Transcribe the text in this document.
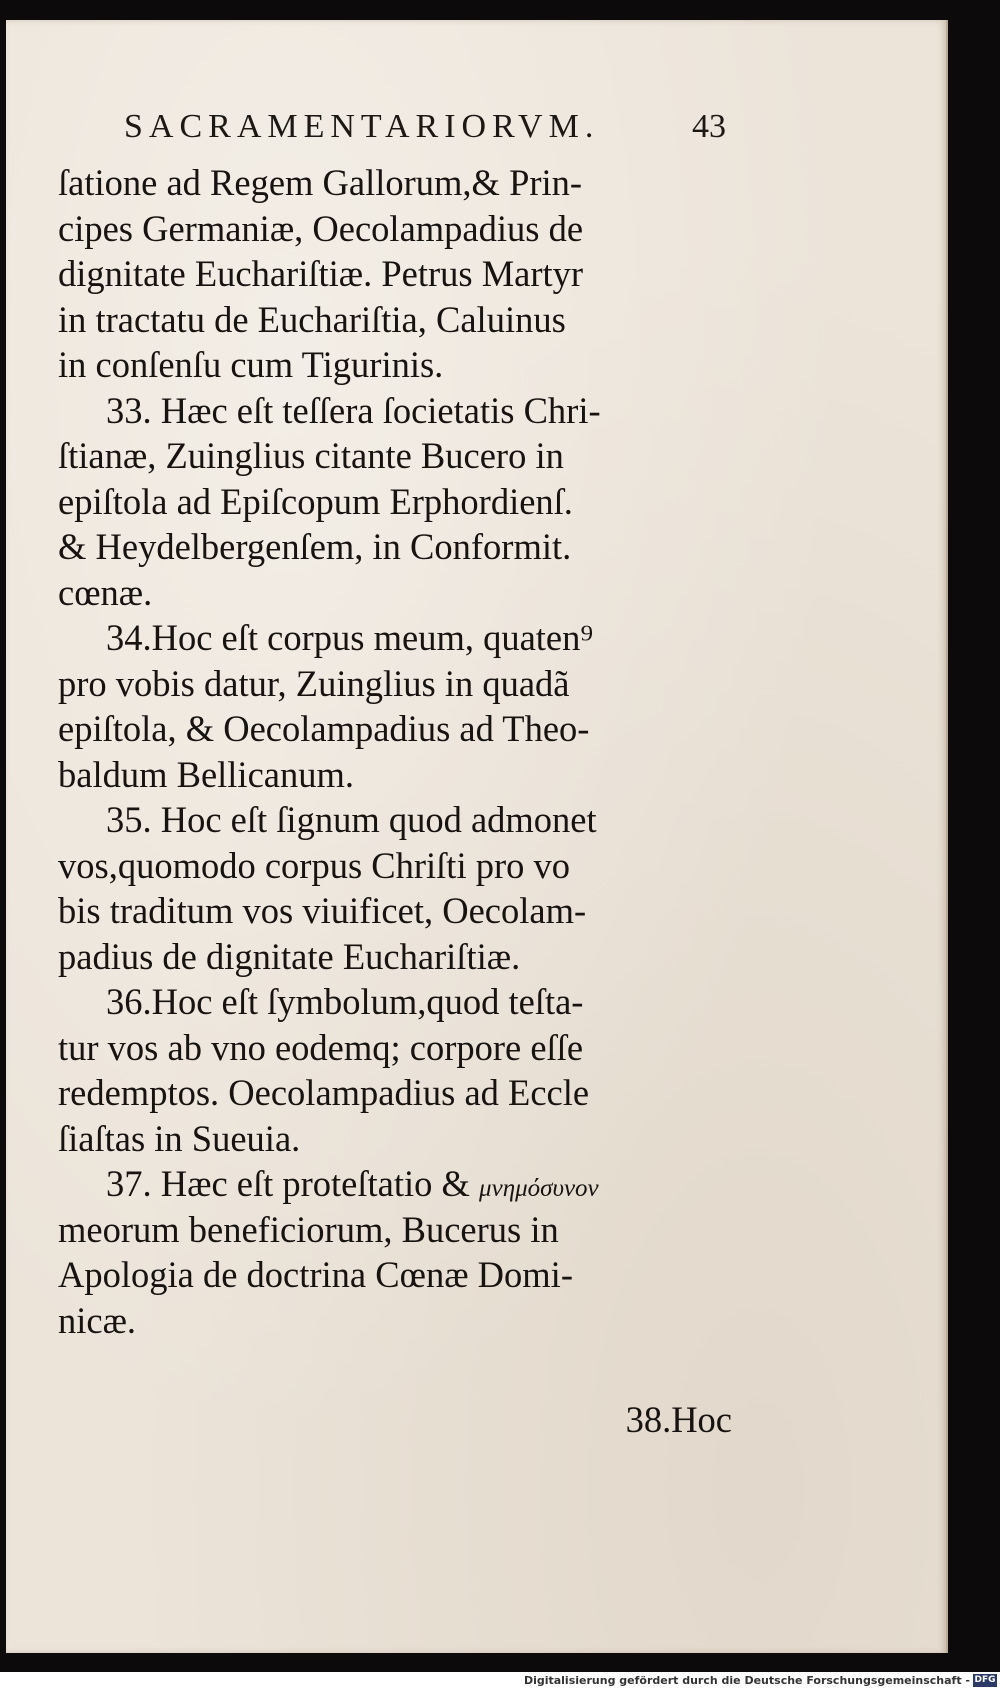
SACRAMENTARIORVM.	43
ſatione ad Regem Gallorum,& Prin-
cipes Germaniæ, Oecolampadius de
dignitate Euchariſtiæ. Petrus Martyr
in tractatu de Euchariſtia, Caluinus
in conſenſu cum Tigurinis.
33. Hæc eſt teſſera ſocietatis Chri-
ſtianæ, Zuinglius citante Bucero in
epiſtola ad Epiſcopum Erphordienſ.
& Heydelbergenſem, in Conformit.
cœnæ.
34.Hoc eſt corpus meum, quaten⁹
pro vobis datur, Zuinglius in quadã
epiſtola, & Oecolampadius ad Theo-
baldum Bellicanum.
35. Hoc eſt ſignum quod admonet
vos,quomodo corpus Chriſti pro vo
bis traditum vos viuificet, Oecolam-
padius de dignitate Euchariſtiæ.
36.Hoc eſt ſymbolum,quod teſta-
tur vos ab vno eodemq; corpore eſſe
redemptos. Oecolampadius ad Eccle
ſiaſtas in Sueuia.
37. Hæc eſt proteſtatio & μνημόσυνον
meorum beneficiorum, Bucerus in
Apologia de doctrina Cœnæ Domi-
nicæ.
38.Hoc
Digitalisierung gefördert durch die Deutsche Forschungsgemeinschaft - DFG
